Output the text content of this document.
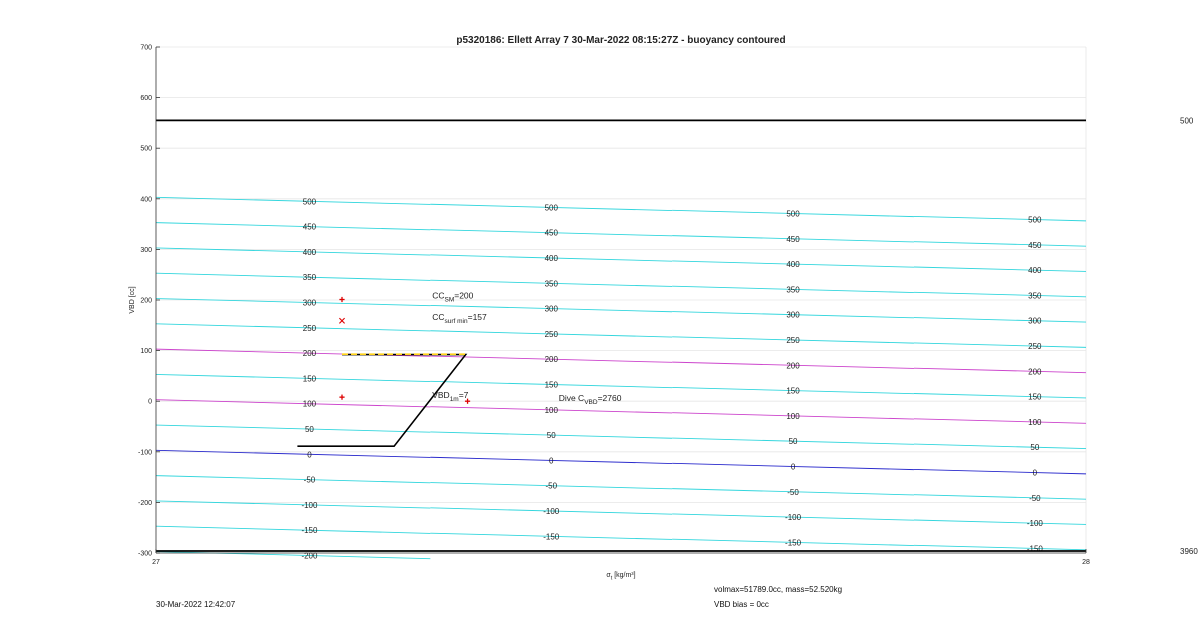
p5320186: Ellett Array 7 30-Mar-2022 08:15:27Z - buoyancy contoured
500
450
400
350
300
250
200
150
100
50
0
-50
-100
-150
-200
500
450
400
350
300
250
200
150
100
50
0
-50
-100
-150
500
450
400
350
300
250
200
150
100
50
0
-50
-100
-150
500
450
400
350
300
250
200
150
100
50
0
-50
-100
-150
500
3960
$CC_{SM}=200$
$CC_{surf min}=157$
$VBD_{1m}=7$	Dive $C_{VBD}=2760$
-300
-200
-100
0
100
200
300
400
500
600
700
27	28
VBD [cc]
$\sigma_t$ [kg/m³]
30-Mar-2022 12:42:07
volmax=51789.0cc, mass=52.520kg
VBD bias = 0cc
